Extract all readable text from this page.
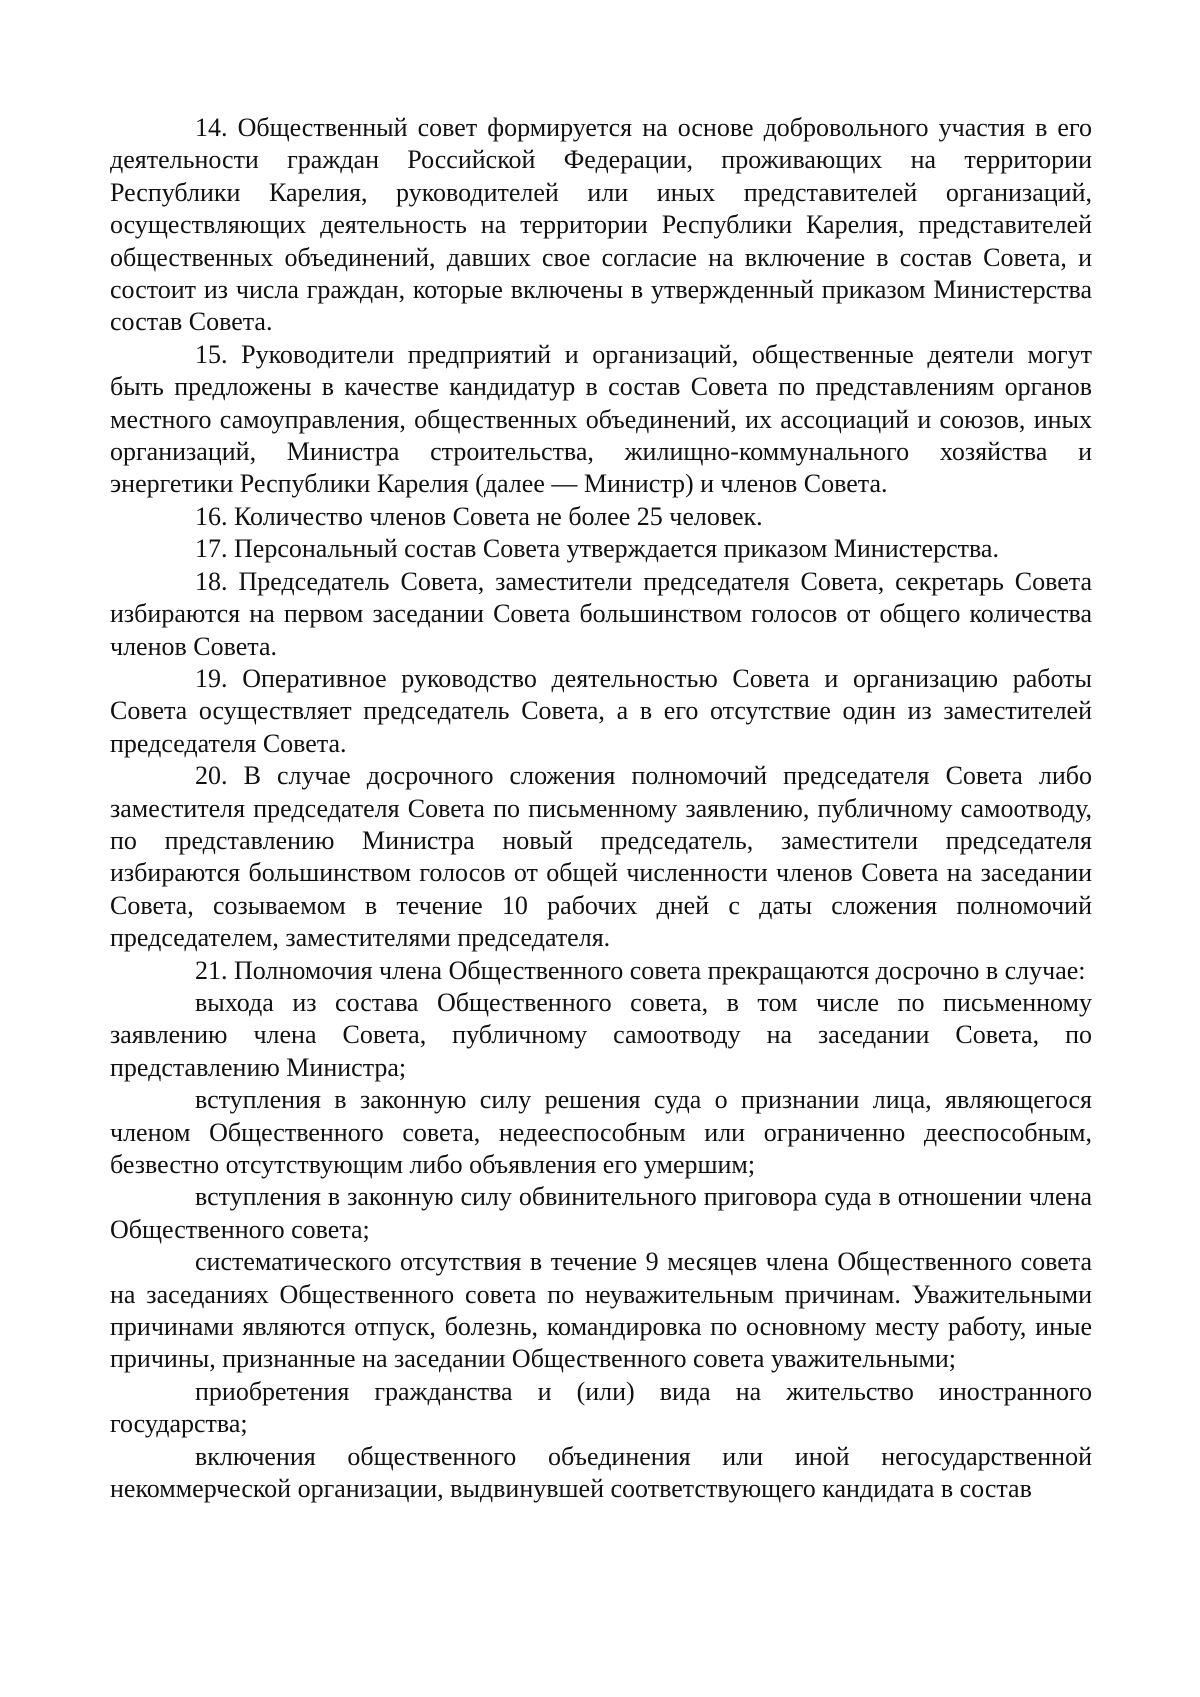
14. Общественный совет формируется на основе добровольного участия в его деятельности граждан Российской Федерации, проживающих на территории Республики Карелия, руководителей или иных представителей организаций, осуществляющих деятельность на территории Республики Карелия, представителей общественных объединений, давших свое согласие на включение в состав Совета, и состоит из числа граждан, которые включены в утвержденный приказом Министерства состав Совета.

15. Руководители предприятий и организаций, общественные деятели могут быть предложены в качестве кандидатур в состав Совета по представлениям органов местного самоуправления, общественных объединений, их ассоциаций и союзов, иных организаций, Министра строительства, жилищно-коммунального хозяйства и энергетики Республики Карелия (далее — Министр) и членов Совета.

16. Количество членов Совета не более 25 человек.

17. Персональный состав Совета утверждается приказом Министерства.

18. Председатель Совета, заместители председателя Совета, секретарь Совета избираются на первом заседании Совета большинством голосов от общего количества членов Совета.

19. Оперативное руководство деятельностью Совета и организацию работы Совета осуществляет председатель Совета, а в его отсутствие один из заместителей председателя Совета.

20. В случае досрочного сложения полномочий председателя Совета либо заместителя председателя Совета по письменному заявлению, публичному самоотводу, по представлению Министра новый председатель, заместители председателя избираются большинством голосов от общей численности членов Совета на заседании Совета, созываемом в течение 10 рабочих дней с даты сложения полномочий председателем, заместителями председателя.

21. Полномочия члена Общественного совета прекращаются досрочно в случае:

выхода из состава Общественного совета, в том числе по письменному заявлению члена Совета, публичному самоотводу на заседании Совета, по представлению Министра;

вступления в законную силу решения суда о признании лица, являющегося членом Общественного совета, недееспособным или ограниченно дееспособным, безвестно отсутствующим либо объявления его умершим;

вступления в законную силу обвинительного приговора суда в отношении члена Общественного совета;

систематического отсутствия в течение 9 месяцев члена Общественного совета на заседаниях Общественного совета по неуважительным причинам. Уважительными причинами являются отпуск, болезнь, командировка по основному месту работу, иные причины, признанные на заседании Общественного совета уважительными;

приобретения гражданства и (или) вида на жительство иностранного государства;

включения общественного объединения или иной негосударственной некоммерческой организации, выдвинувшей соответствующего кандидата в состав
